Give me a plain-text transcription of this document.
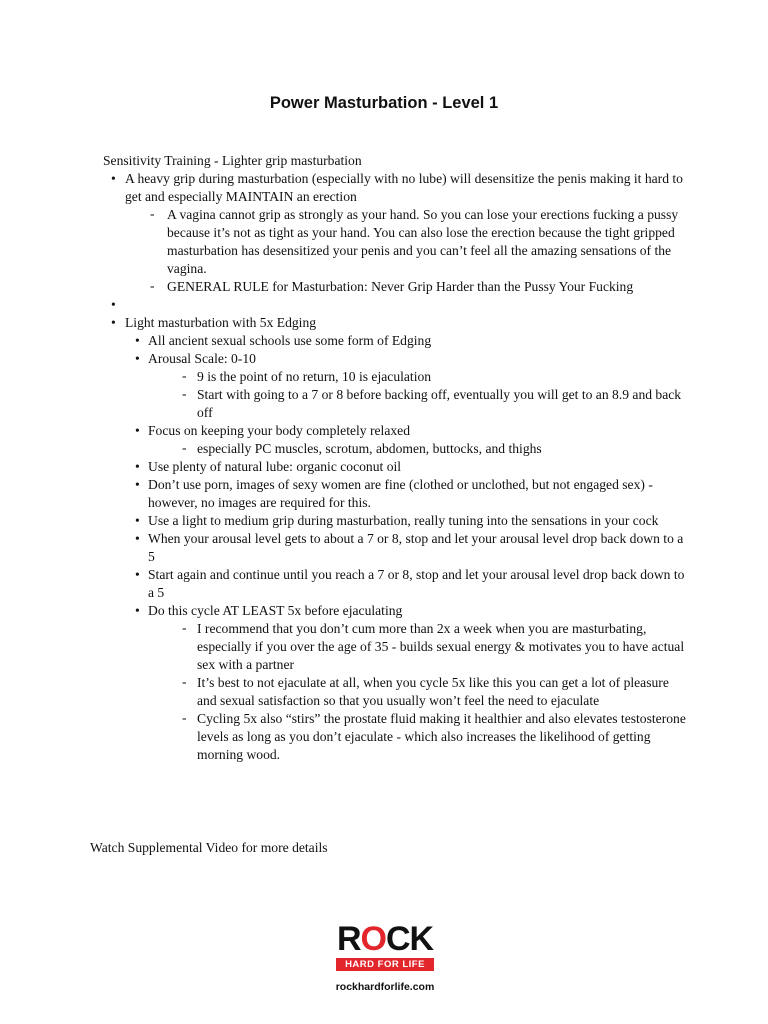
Power Masturbation - Level 1
Sensitivity Training - Lighter grip masturbation
• A heavy grip during masturbation (especially with no lube) will desensitize the penis making it hard to get and especially MAINTAIN an erection
- A vagina cannot grip as strongly as your hand. So you can lose your erections fucking a pussy because it’s not as tight as your hand. You can also lose the erection because the tight gripped masturbation has desensitized your penis and you can’t feel all the amazing sensations of the vagina.
- GENERAL RULE for Masturbation: Never Grip Harder than the Pussy Your Fucking
•
• Light masturbation with 5x Edging
• All ancient sexual schools use some form of Edging
• Arousal Scale: 0-10
- 9 is the point of no return, 10 is ejaculation
- Start with going to a 7 or 8 before backing off, eventually you will get to an 8.9 and back off
• Focus on keeping your body completely relaxed
- especially PC muscles, scrotum, abdomen, buttocks, and thighs
• Use plenty of natural lube: organic coconut oil
• Don’t use porn, images of sexy women are fine (clothed or unclothed, but not engaged sex) - however, no images are required for this.
• Use a light to medium grip during masturbation, really tuning into the sensations in your cock
• When your arousal level gets to about a 7 or 8, stop and let your arousal level drop back down to a 5
• Start again and continue until you reach a 7 or 8, stop and let your arousal level drop back down to a 5
• Do this cycle AT LEAST 5x before ejaculating
- I recommend that you don’t cum more than 2x a week when you are masturbating, especially if you over the age of 35 - builds sexual energy & motivates you to have actual sex with a partner
- It’s best to not ejaculate at all, when you cycle 5x like this you can get a lot of pleasure and sexual satisfaction so that you usually won’t feel the need to ejaculate
- Cycling 5x also “stirs” the prostate fluid making it healthier and also elevates testosterone levels as long as you don’t ejaculate - which also increases the likelihood of getting morning wood.
Watch Supplemental Video for more details
ROCK
HARD FOR LIFE
rockhardforlife.com
